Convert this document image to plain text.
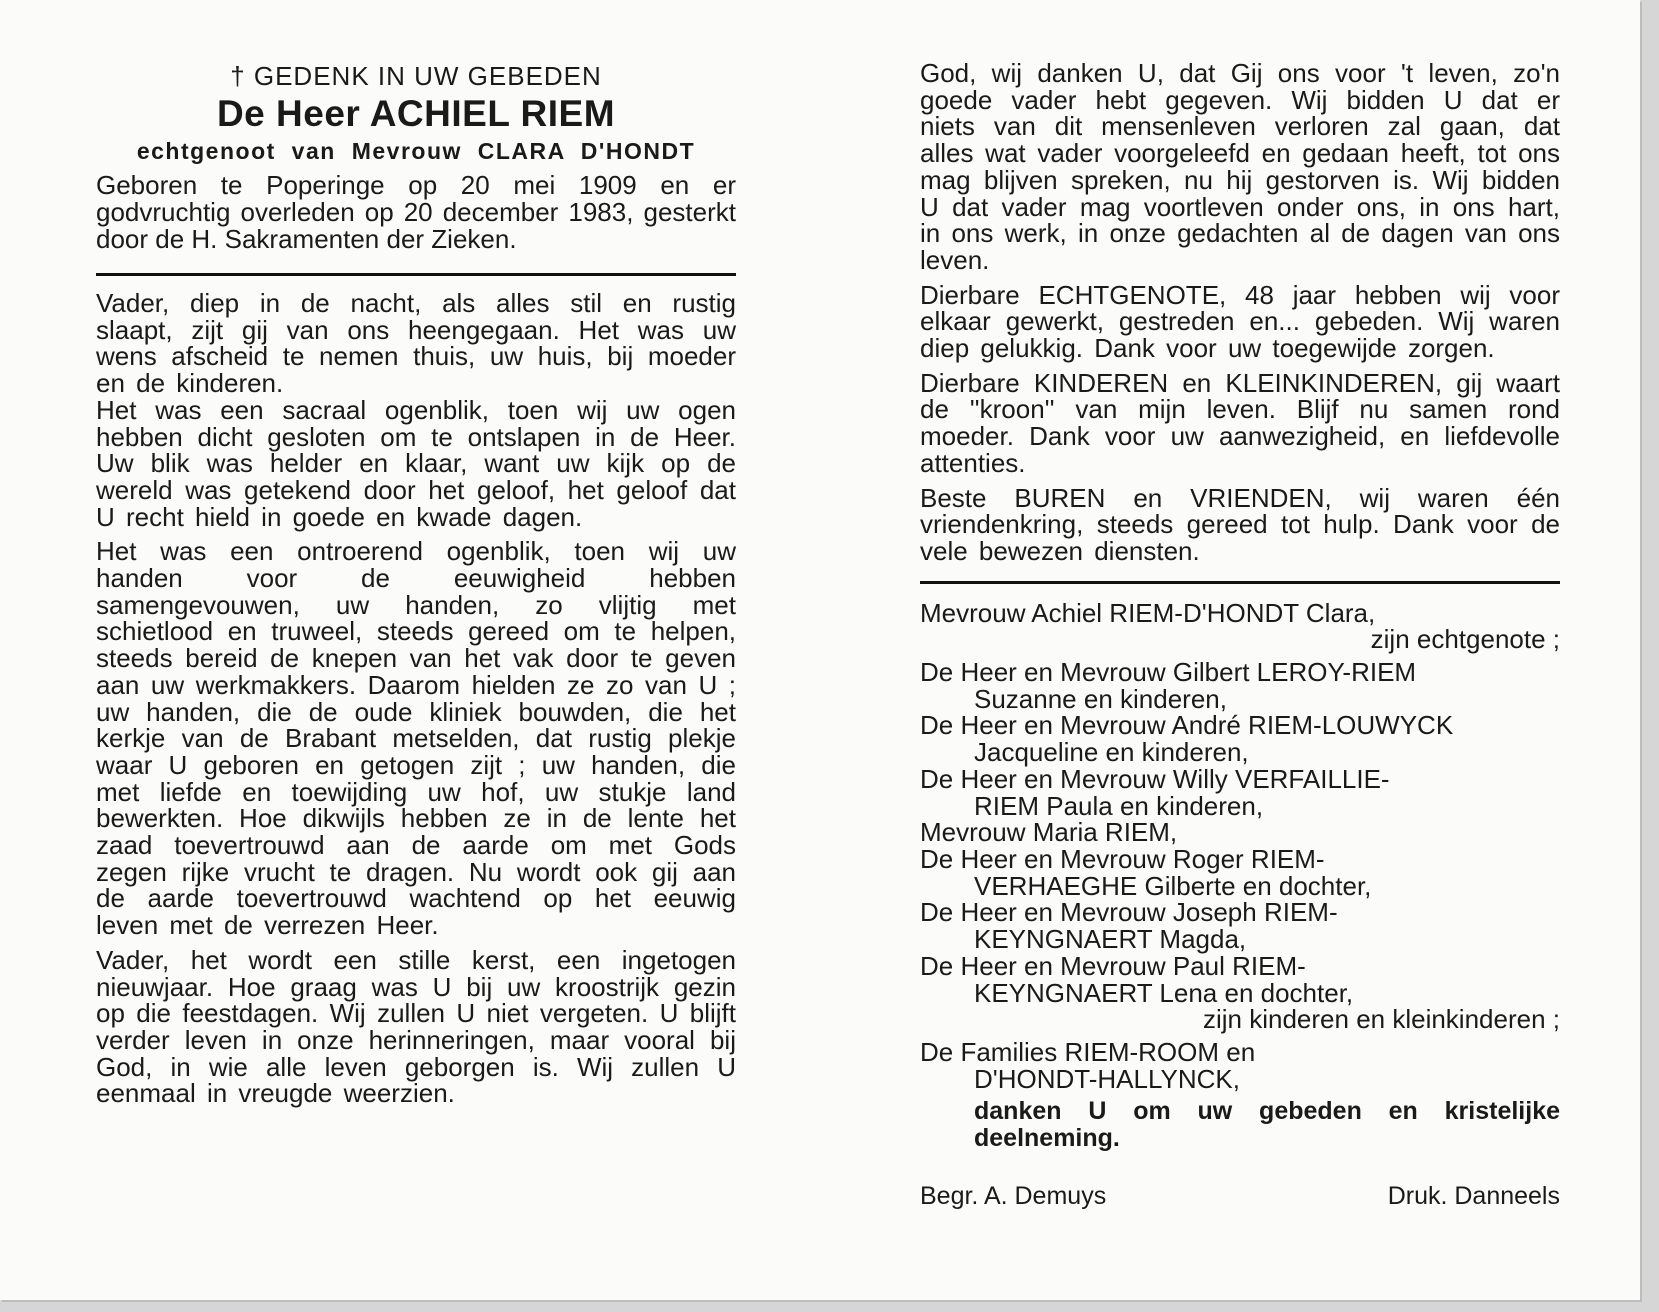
† GEDENK IN UW GEBEDEN
De Heer ACHIEL RIEM
echtgenoot van Mevrouw CLARA D'HONDT
Geboren te Poperinge op 20 mei 1909 en er godvruchtig overleden op 20 december 1983, gesterkt door de H. Sakramenten der Zieken.
Vader, diep in de nacht, als alles stil en rustig slaapt, zijt gij van ons heengegaan. Het was uw wens afscheid te nemen thuis, uw huis, bij moeder en de kinderen.
Het was een sacraal ogenblik, toen wij uw ogen hebben dicht gesloten om te ontslapen in de Heer. Uw blik was helder en klaar, want uw kijk op de wereld was getekend door het geloof, het geloof dat U recht hield in goede en kwade dagen.
Het was een ontroerend ogenblik, toen wij uw handen voor de eeuwigheid hebben samengevouwen, uw handen, zo vlijtig met schietlood en truweel, steeds gereed om te helpen, steeds bereid de knepen van het vak door te geven aan uw werkmakkers. Daarom hielden ze zo van U ; uw handen, die de oude kliniek bouwden, die het kerkje van de Brabant metselden, dat rustig plekje waar U geboren en getogen zijt ; uw handen, die met liefde en toewijding uw hof, uw stukje land bewerkten. Hoe dikwijls hebben ze in de lente het zaad toevertrouwd aan de aarde om met Gods zegen rijke vrucht te dragen. Nu wordt ook gij aan de aarde toevertrouwd wachtend op het eeuwig leven met de verrezen Heer.
Vader, het wordt een stille kerst, een ingetogen nieuwjaar. Hoe graag was U bij uw kroostrijk gezin op die feestdagen. Wij zullen U niet vergeten. U blijft verder leven in onze herinneringen, maar vooral bij God, in wie alle leven geborgen is. Wij zullen U eenmaal in vreugde weerzien.
God, wij danken U, dat Gij ons voor 't leven, zo'n goede vader hebt gegeven. Wij bidden U dat er niets van dit mensenleven verloren zal gaan, dat alles wat vader voorgeleefd en gedaan heeft, tot ons mag blijven spreken, nu hij gestorven is. Wij bidden U dat vader mag voortleven onder ons, in ons hart, in ons werk, in onze gedachten al de dagen van ons leven.
Dierbare ECHTGENOTE, 48 jaar hebben wij voor elkaar gewerkt, gestreden en... gebeden. Wij waren diep gelukkig. Dank voor uw toegewijde zorgen.
Dierbare KINDEREN en KLEINKINDEREN, gij waart de ''kroon'' van mijn leven. Blijf nu samen rond moeder. Dank voor uw aanwezigheid, en liefdevolle attenties.
Beste BUREN en VRIENDEN, wij waren één vriendenkring, steeds gereed tot hulp. Dank voor de vele bewezen diensten.

Mevrouw Achiel RIEM-D'HONDT Clara,

zijn echtgenote ;

De Heer en Mevrouw Gilbert LEROY-RIEM

Suzanne en kinderen,

De Heer en Mevrouw André RIEM-LOUWYCK

Jacqueline en kinderen,

De Heer en Mevrouw Willy VERFAILLIE-

RIEM Paula en kinderen,

Mevrouw Maria RIEM,

De Heer en Mevrouw Roger RIEM-

VERHAEGHE Gilberte en dochter,

De Heer en Mevrouw Joseph RIEM-

KEYNGNAERT Magda,

De Heer en Mevrouw Paul RIEM-

KEYNGNAERT Lena en dochter,

zijn kinderen en kleinkinderen ;

De Families RIEM-ROOM en

D'HONDT-HALLYNCK,

danken U om uw gebeden en kristelijke deelneming.
Begr. A. Demuys	Druk. Danneels
